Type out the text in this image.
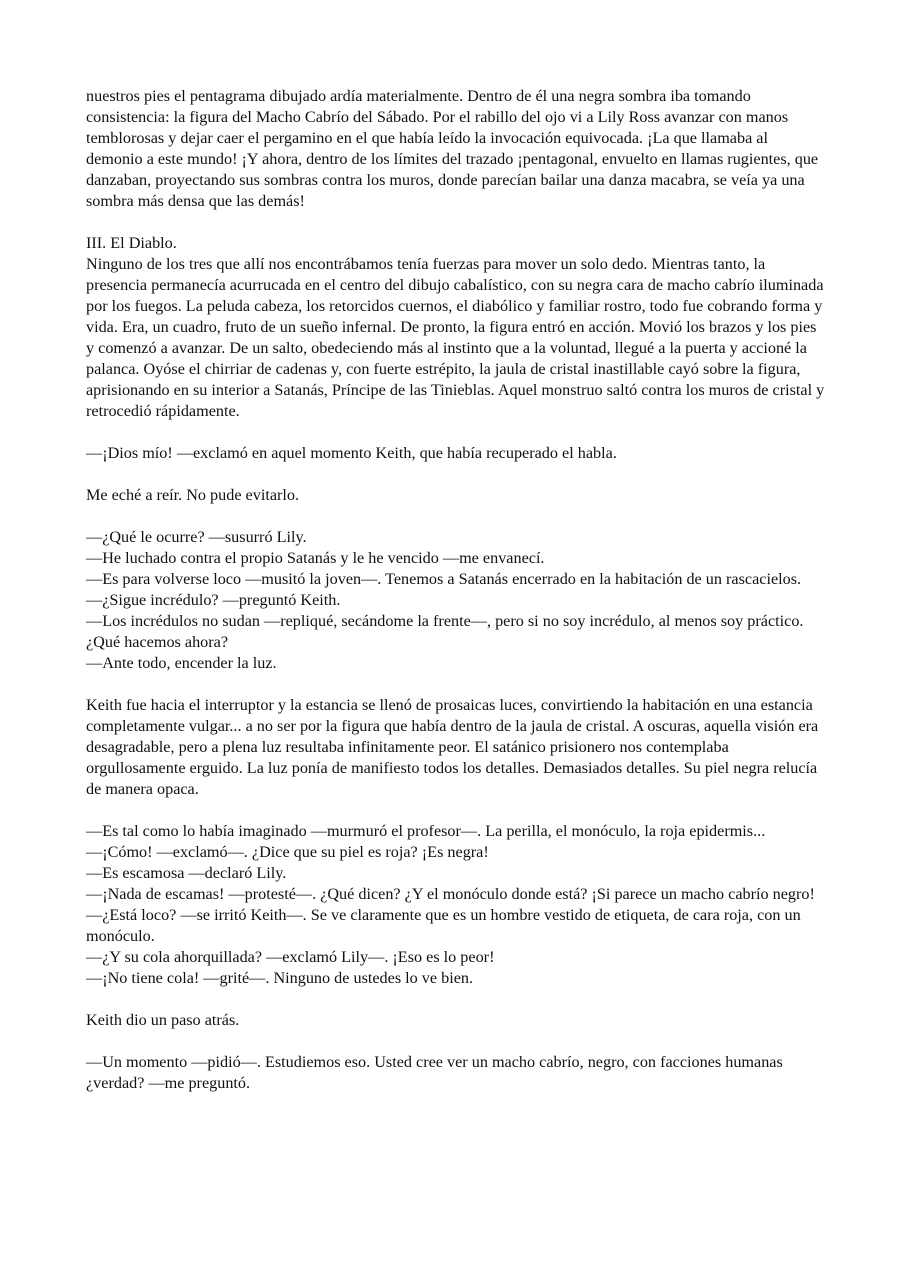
nuestros pies el pentagrama dibujado ardía materialmente. Dentro de él una negra sombra iba tomando consistencia: la figura del Macho Cabrío del Sábado. Por el rabillo del ojo vi a Lily Ross avanzar con manos temblorosas y dejar caer el pergamino en el que había leído la invocación equivocada. ¡La que llamaba al demonio a este mundo! ¡Y ahora, dentro de los límites del trazado ¡pentagonal, envuelto en llamas rugientes, que danzaban, proyectando sus sombras contra los muros, donde parecían bailar una danza macabra, se veía ya una sombra más densa que las demás!

III. El Diablo.

Ninguno de los tres que allí nos encontrábamos tenía fuerzas para mover un solo dedo. Mientras tanto, la presencia permanecía acurrucada en el centro del dibujo cabalístico, con su negra cara de macho cabrío iluminada por los fuegos. La peluda cabeza, los retorcidos cuernos, el diabólico y familiar rostro, todo fue cobrando forma y vida. Era, un cuadro, fruto de un sueño infernal. De pronto, la figura entró en acción. Movió los brazos y los pies y comenzó a avanzar. De un salto, obedeciendo más al instinto que a la voluntad, llegué a la puerta y accioné la palanca. Oyóse el chirriar de cadenas y, con fuerte estrépito, la jaula de cristal inastillable cayó sobre la figura, aprisionando en su interior a Satanás, Príncipe de las Tinieblas. Aquel monstruo saltó contra los muros de cristal y retrocedió rápidamente.

—¡Dios mío! —exclamó en aquel momento Keith, que había recuperado el habla.

Me eché a reír. No pude evitarlo.

—¿Qué le ocurre? —susurró Lily.

—He luchado contra el propio Satanás y le he vencido —me envanecí.

—Es para volverse loco —musitó la joven—. Tenemos a Satanás encerrado en la habitación de un rascacielos.

—¿Sigue incrédulo? —preguntó Keith.

—Los incrédulos no sudan —repliqué, secándome la frente—, pero si no soy incrédulo, al menos soy práctico. ¿Qué hacemos ahora?

—Ante todo, encender la luz.

Keith fue hacia el interruptor y la estancia se llenó de prosaicas luces, convirtiendo la habitación en una estancia completamente vulgar... a no ser por la figura que había dentro de la jaula de cristal. A oscuras, aquella visión era desagradable, pero a plena luz resultaba infinitamente peor. El satánico prisionero nos contemplaba orgullosamente erguido. La luz ponía de manifiesto todos los detalles. Demasiados detalles. Su piel negra relucía de manera opaca.

—Es tal como lo había imaginado —murmuró el profesor—. La perilla, el monóculo, la roja epidermis...

—¡Cómo! —exclamó—. ¿Dice que su piel es roja? ¡Es negra!

—Es escamosa —declaró Lily.

—¡Nada de escamas! —protesté—. ¿Qué dicen? ¿Y el monóculo donde está? ¡Si parece un macho cabrío negro!

—¿Está loco? —se irritó Keith—. Se ve claramente que es un hombre vestido de etiqueta, de cara roja, con un monóculo.

—¿Y su cola ahorquillada? —exclamó Lily—. ¡Eso es lo peor!

—¡No tiene cola! —grité—. Ninguno de ustedes lo ve bien.

Keith dio un paso atrás.

—Un momento —pidió—. Estudiemos eso. Usted cree ver un macho cabrío, negro, con facciones humanas ¿verdad? —me preguntó.
